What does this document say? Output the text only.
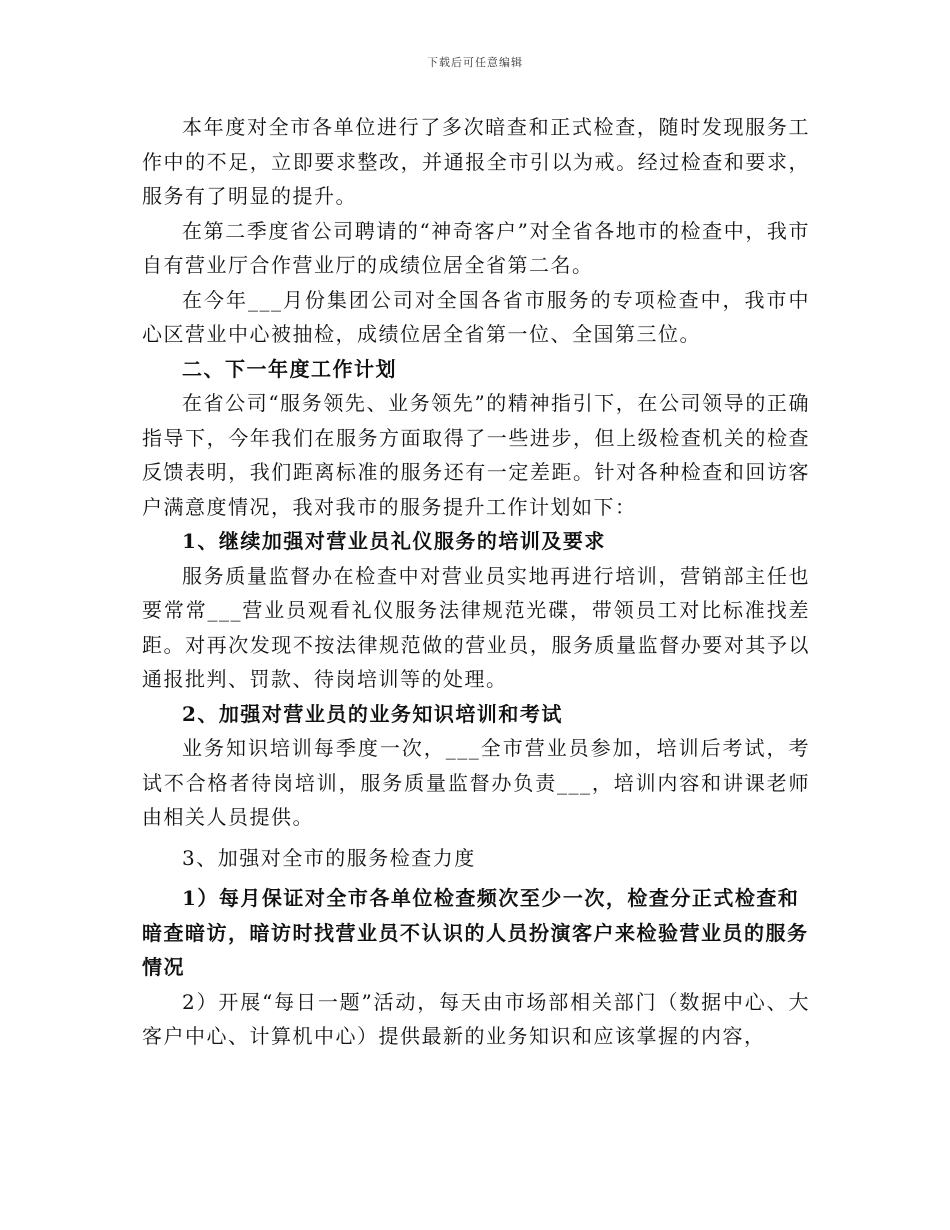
下载后可任意编辑

本年度对全市各单位进行了多次暗查和正式检查，随时发现服务工作中的不足，立即要求整改，并通报全市引以为戒。经过检查和要求，服务有了明显的提升。

在第二季度省公司聘请的“神奇客户”对全省各地市的检查中，我市自有营业厅合作营业厅的成绩位居全省第二名。

在今年___月份集团公司对全国各省市服务的专项检查中，我市中心区营业中心被抽检，成绩位居全省第一位、全国第三位。

二、下一年度工作计划

在省公司“服务领先、业务领先”的精神指引下，在公司领导的正确指导下，今年我们在服务方面取得了一些进步，但上级检查机关的检查反馈表明，我们距离标准的服务还有一定差距。针对各种检查和回访客户满意度情况，我对我市的服务提升工作计划如下：

1、继续加强对营业员礼仪服务的培训及要求

服务质量监督办在检查中对营业员实地再进行培训，营销部主任也要常常___营业员观看礼仪服务法律规范光碟，带领员工对比标准找差距。对再次发现不按法律规范做的营业员，服务质量监督办要对其予以通报批判、罚款、待岗培训等的处理。

2、加强对营业员的业务知识培训和考试

业务知识培训每季度一次，___全市营业员参加，培训后考试，考试不合格者待岗培训，服务质量监督办负责___，培训内容和讲课老师由相关人员提供。

3、加强对全市的服务检查力度

1）每月保证对全市各单位检查频次至少一次，检查分正式检查和暗查暗访，暗访时找营业员不认识的人员扮演客户来检验营业员的服务情况

2）开展“每日一题”活动，每天由市场部相关部门（数据中心、大客户中心、计算机中心）提供最新的业务知识和应该掌握的内容，
